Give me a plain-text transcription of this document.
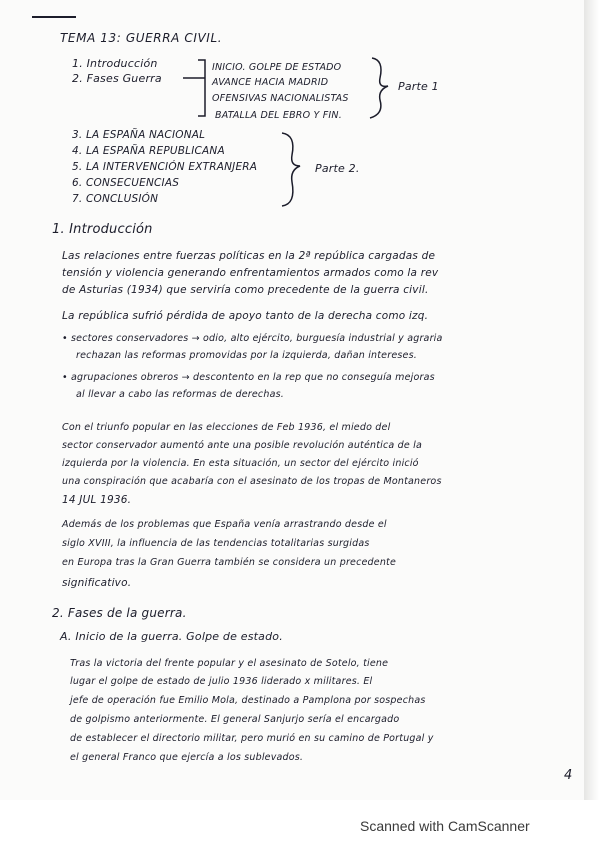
TEMA 13: GUERRA CIVIL.
1. Introducción
2. Fases Guerra
INICIO. GOLPE DE ESTADO
AVANCE HACIA MADRID
OFENSIVAS NACIONALISTAS
BATALLA DEL EBRO Y FIN.
Parte 1
3. LA ESPAÑA NACIONAL
4. LA ESPAÑA REPUBLICANA
5. LA INTERVENCIÓN EXTRANJERA
6. CONSECUENCIAS
7. CONCLUSIÓN
Parte 2.
1. Introducción
Las relaciones entre fuerzas políticas en la 2ª república cargadas de
tensión y violencia generando enfrentamientos armados como la rev
de Asturias (1934) que serviría como precedente de la guerra civil.
La república sufrió pérdida de apoyo tanto de la derecha como izq.
• sectores conservadores → odio, alto ejército, burguesía industrial y agraria
rechazan las reformas promovidas por la izquierda, dañan intereses.
• agrupaciones obreros → descontento en la rep que no conseguía mejoras
al llevar a cabo las reformas de derechas.
Con el triunfo popular en las elecciones de Feb 1936, el miedo del
sector conservador aumentó ante una posible revolución auténtica de la
izquierda por la violencia. En esta situación, un sector del ejército inició
una conspiración que acabaría con el asesinato de los tropas de Montaneros
14 JUL 1936.
Además de los problemas que España venía arrastrando desde el
siglo XVIII, la influencia de las tendencias totalitarias surgidas
en Europa tras la Gran Guerra también se considera un precedente
significativo.
2. Fases de la guerra.
A. Inicio de la guerra. Golpe de estado.
Tras la victoria del frente popular y el asesinato de Sotelo, tiene
lugar el golpe de estado de julio 1936 liderado x militares. El
jefe de operación fue Emilio Mola, destinado a Pamplona por sospechas
de golpismo anteriormente. El general Sanjurjo sería el encargado
de establecer el directorio militar, pero murió en su camino de Portugal y
el general Franco que ejercía a los sublevados.
4
Scanned with CamScanner
